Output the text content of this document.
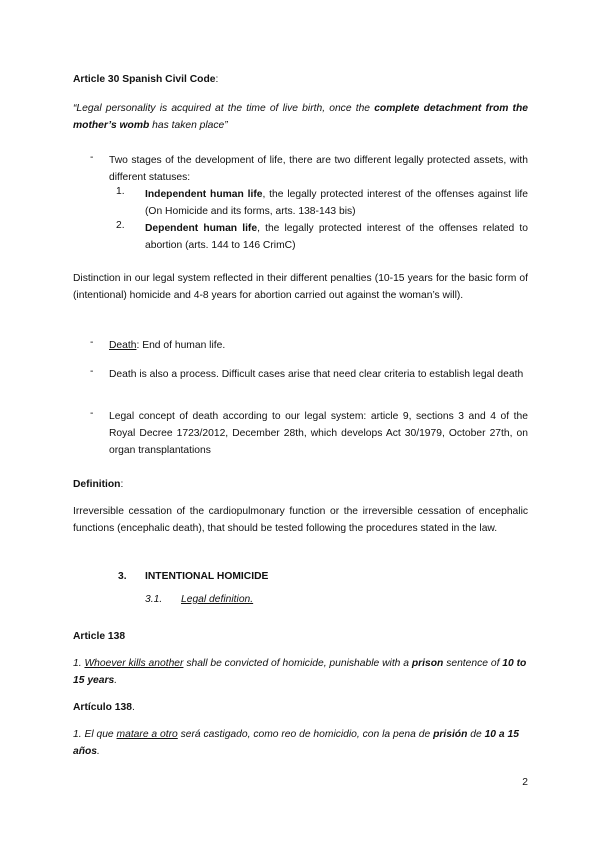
Article 30 Spanish Civil Code:
“Legal personality is acquired at the time of live birth, once the complete detachment from the mother’s womb has taken place”
- Two stages of the development of life, there are two different legally protected assets, with different statuses:
1. Independent human life, the legally protected interest of the offenses against life (On Homicide and its forms, arts. 138-143 bis)
2. Dependent human life, the legally protected interest of the offenses related to abortion (arts. 144 to 146 CrimC)
Distinction in our legal system reflected in their different penalties (10-15 years for the basic form of (intentional) homicide and 4-8 years for abortion carried out against the woman’s will).
- Death: End of human life.
- Death is also a process. Difficult cases arise that need clear criteria to establish legal death
- Legal concept of death according to our legal system: article 9, sections 3 and 4 of the Royal Decree 1723/2012, December 28th, which develops Act 30/1979, October 27th, on organ transplantations
Definition:
Irreversible cessation of the cardiopulmonary function or the irreversible cessation of encephalic functions (encephalic death), that should be tested following the procedures stated in the law.
3. INTENTIONAL HOMICIDE
3.1. Legal definition.
Article 138
1. Whoever kills another shall be convicted of homicide, punishable with a prison sentence of 10 to 15 years.
Artículo 138.
1. El que matare a otro será castigado, como reo de homicidio, con la pena de prisión de 10 a 15 años.
2
